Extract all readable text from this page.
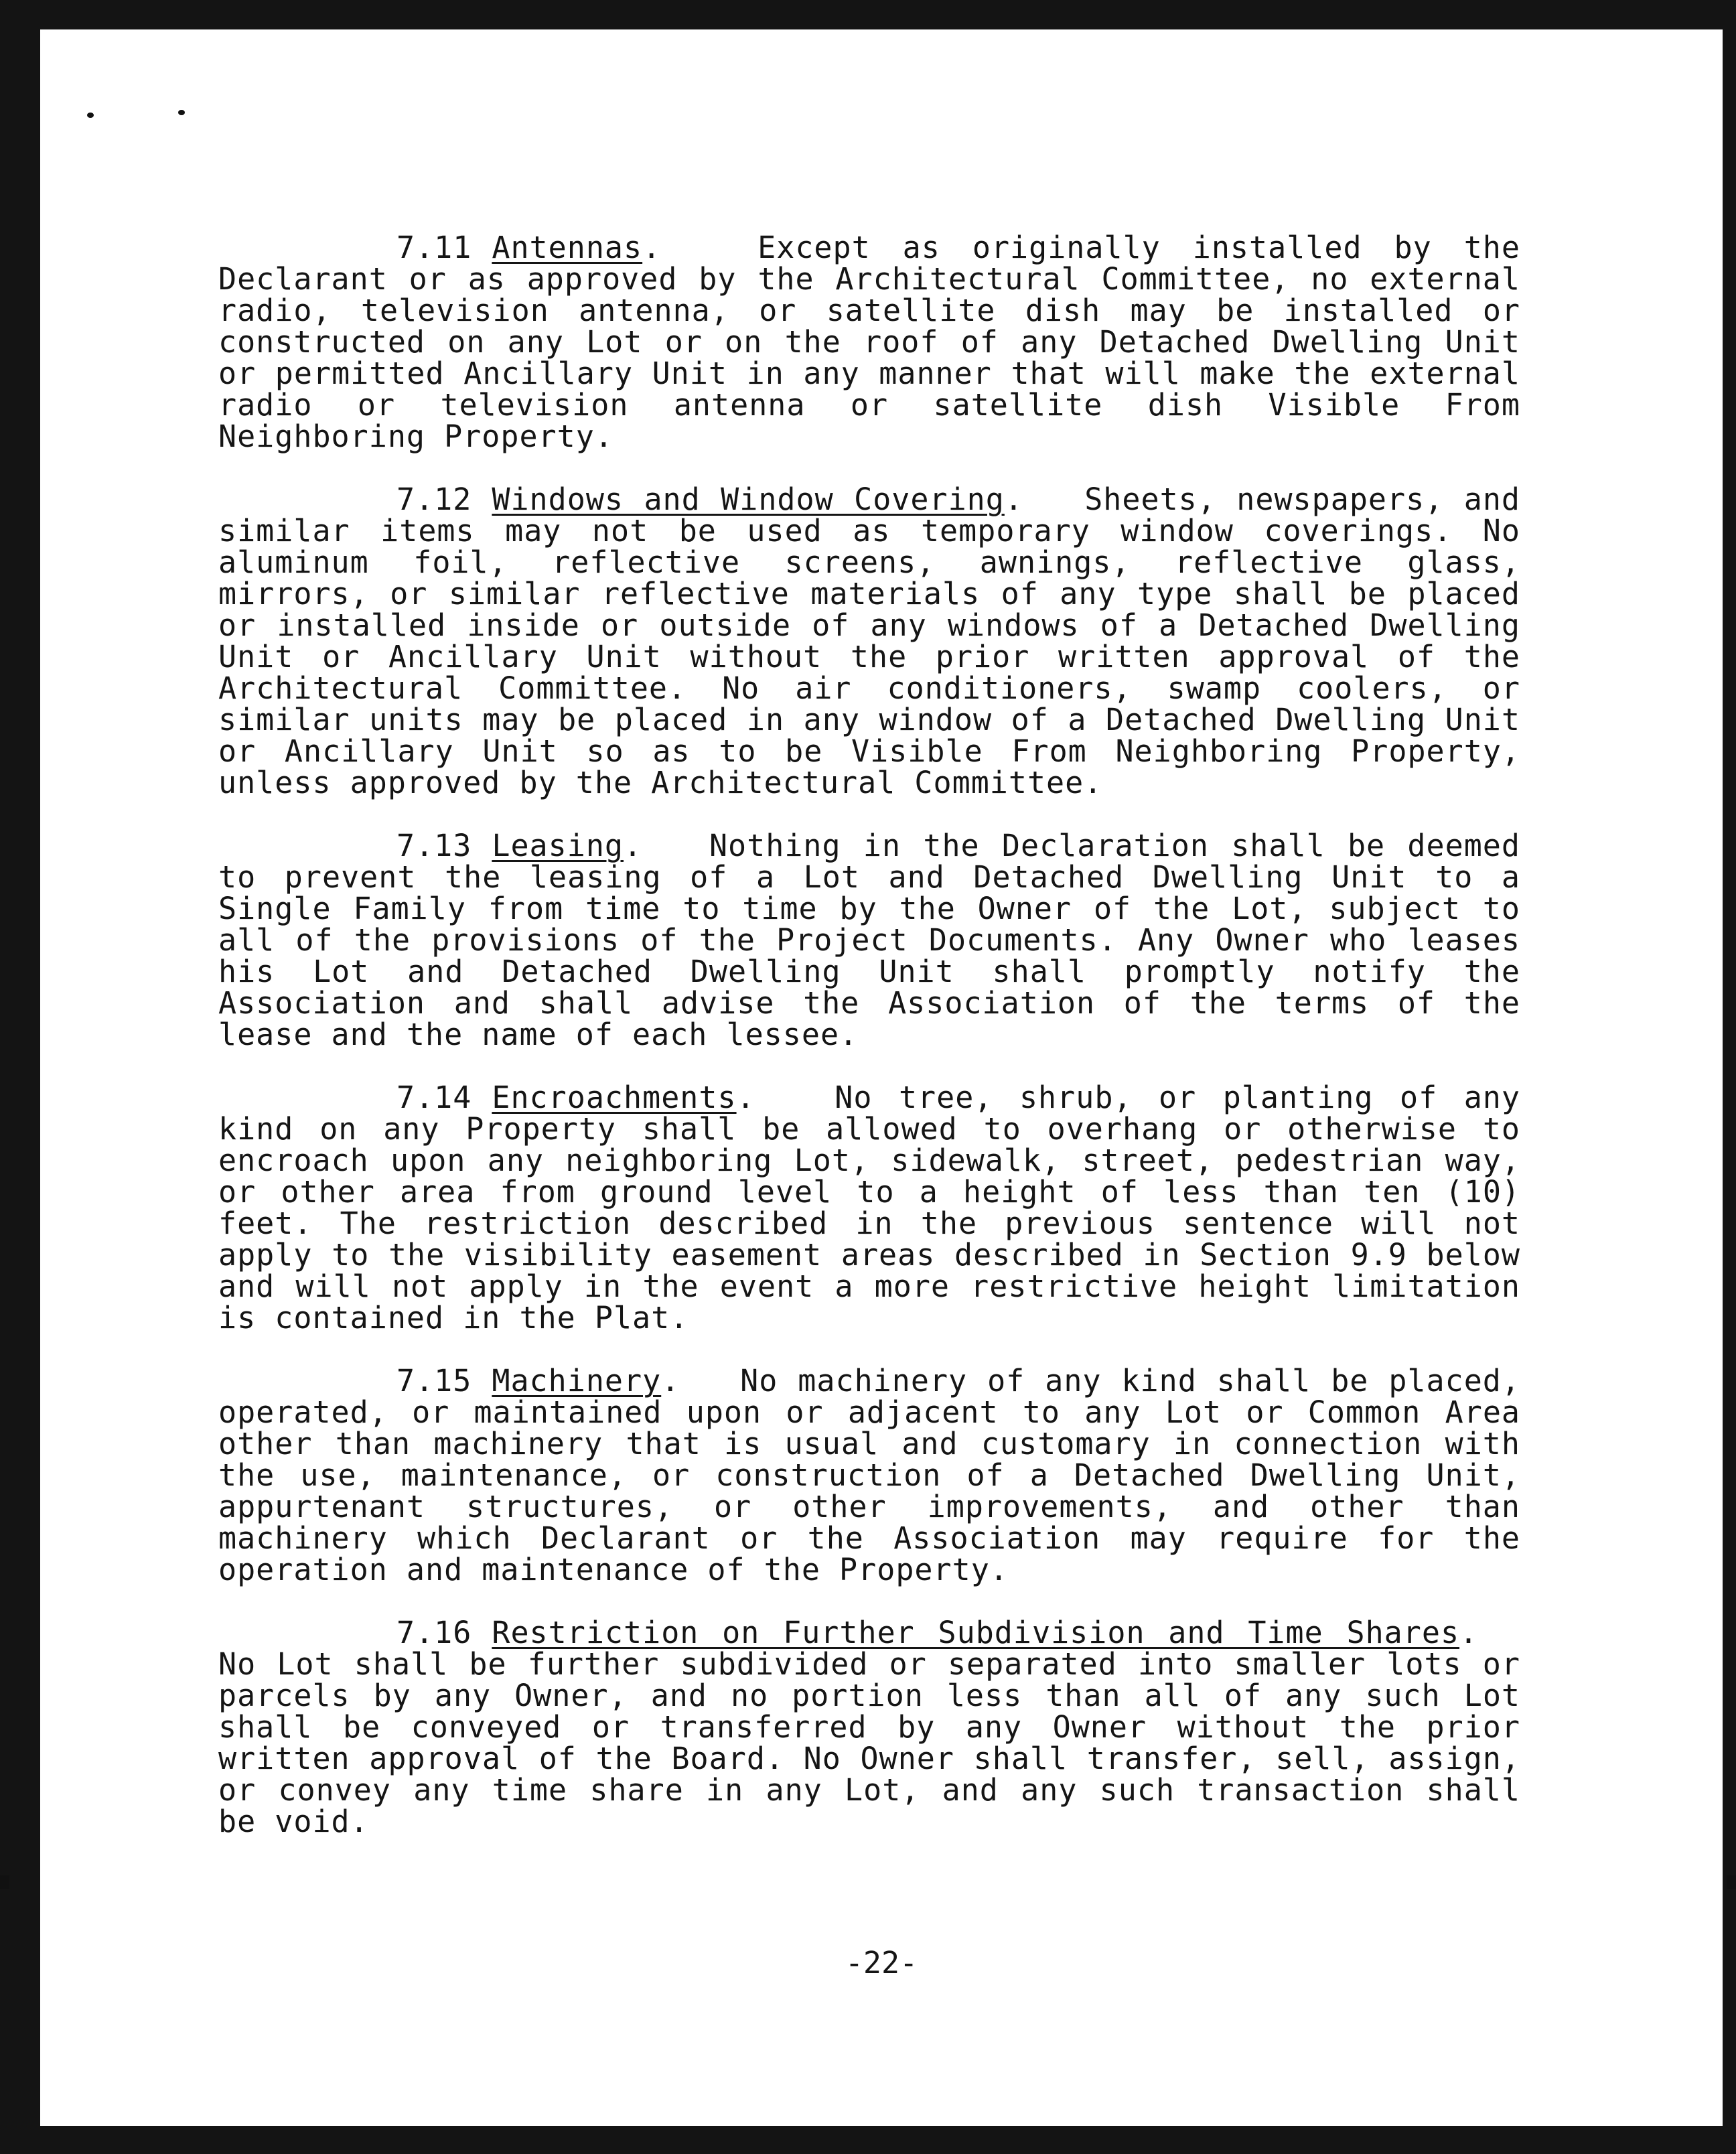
7.11 Antennas.   Except as originally installed by the Declarant or as approved by the Architectural Committee, no external radio, television antenna, or satellite dish may be installed or constructed on any Lot or on the roof of any Detached Dwelling Unit or permitted Ancillary Unit in any manner that will make the external radio or television antenna or satellite dish Visible From Neighboring Property.

7.12 Windows and Window Covering.   Sheets, newspapers, and similar items may not be used as temporary window coverings. No aluminum foil, reflective screens, awnings, reflective glass, mirrors, or similar reflective materials of any type shall be placed or installed inside or outside of any windows of a Detached Dwelling Unit or Ancillary Unit without the prior written approval of the Architectural Committee. No air conditioners, swamp coolers, or similar units may be placed in any window of a Detached Dwelling Unit or Ancillary Unit so as to be Visible From Neighboring Property, unless approved by the Architectural Committee.

7.13 Leasing.   Nothing in the Declaration shall be deemed to prevent the leasing of a Lot and Detached Dwelling Unit to a Single Family from time to time by the Owner of the Lot, subject to all of the provisions of the Project Documents. Any Owner who leases his Lot and Detached Dwelling Unit shall promptly notify the Association and shall advise the Association of the terms of the lease and the name of each lessee.

7.14 Encroachments.   No tree, shrub, or planting of any kind on any Property shall be allowed to overhang or otherwise to encroach upon any neighboring Lot, sidewalk, street, pedestrian way, or other area from ground level to a height of less than ten (10) feet. The restriction described in the previous sentence will not apply to the visibility easement areas described in Section 9.9 below and will not apply in the event a more restrictive height limitation is contained in the Plat.

7.15 Machinery.   No machinery of any kind shall be placed, operated, or maintained upon or adjacent to any Lot or Common Area other than machinery that is usual and customary in connection with the use, maintenance, or construction of a Detached Dwelling Unit, appurtenant structures, or other improvements, and other than machinery which Declarant or the Association may require for the operation and maintenance of the Property.

7.16 Restriction on Further Subdivision and Time Shares.   No Lot shall be further subdivided or separated into smaller lots or parcels by any Owner, and no portion less than all of any such Lot shall be conveyed or transferred by any Owner without the prior written approval of the Board. No Owner shall transfer, sell, assign, or convey any time share in any Lot, and any such transaction shall be void.

-22-
